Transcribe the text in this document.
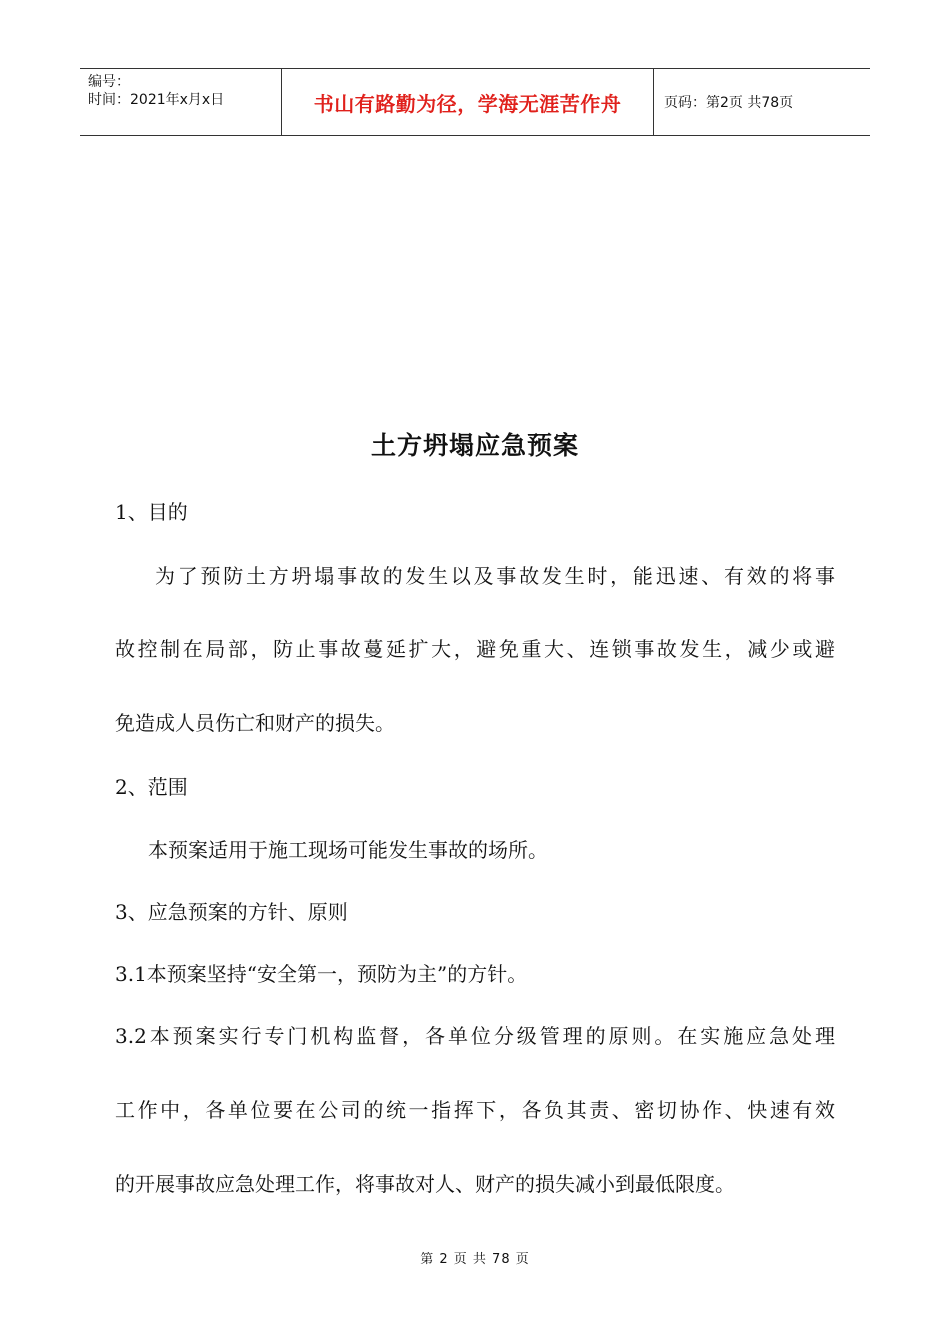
编号：
时间：2021年x月x日	书山有路勤为径，学海无涯苦作舟	页码：第2页 共78页
土方坍塌应急预案
1、目的
为了预防土方坍塌事故的发生以及事故发生时，能迅速、有效的将事
故控制在局部，防止事故蔓延扩大，避免重大、连锁事故发生，减少或避
免造成人员伤亡和财产的损失。
2、范围
本预案适用于施工现场可能发生事故的场所。
3、应急预案的方针、原则
3.1本预案坚持“安全第一，预防为主”的方针。
3.2本预案实行专门机构监督，各单位分级管理的原则。在实施应急处理
工作中，各单位要在公司的统一指挥下，各负其责、密切协作、快速有效
的开展事故应急处理工作，将事故对人、财产的损失减小到最低限度。
第 2 页 共 78 页
